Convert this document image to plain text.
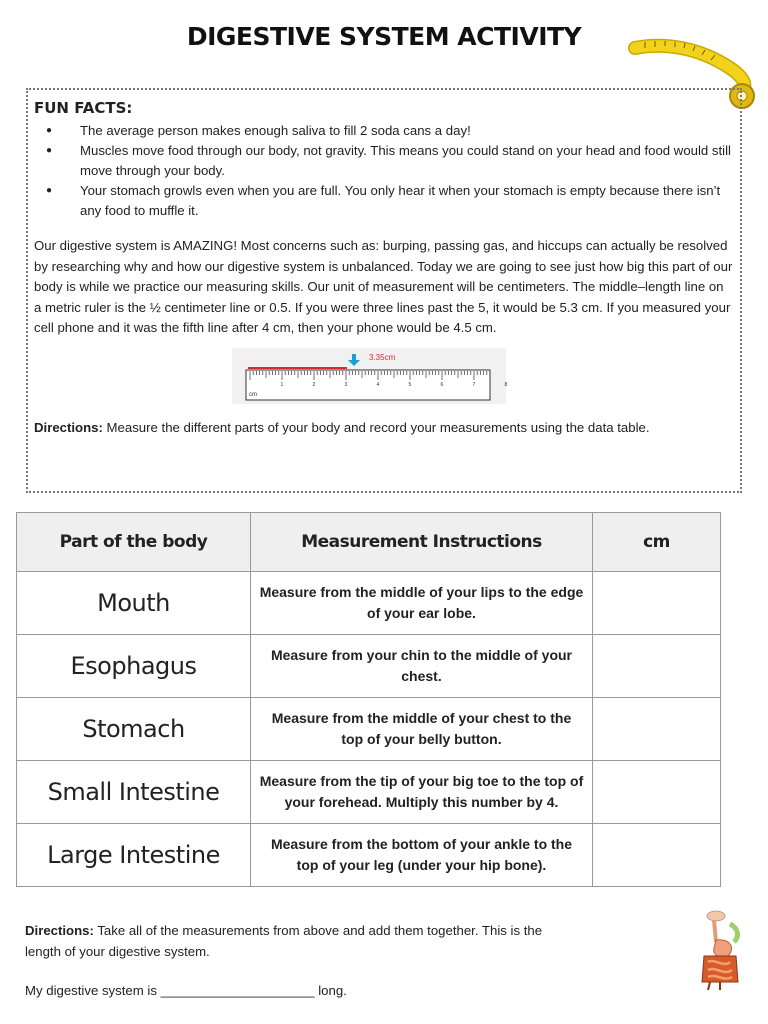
DIGESTIVE SYSTEM ACTIVITY
FUN FACTS:
● The average person makes enough saliva to fill 2 soda cans a day!
● Muscles move food through our body, not gravity. This means you could stand on your head and food would still move through your body.
● Your stomach growls even when you are full. You only hear it when your stomach is empty because there isn’t any food to muffle it.

Our digestive system is AMAZING! Most concerns such as: burping, passing gas, and hiccups can actually be resolved by researching why and how our digestive system is unbalanced. Today we are going to see just how big this part of our body is while we practice our measuring skills. Our unit of measurement will be centimeters. The middle–length line on a metric ruler is the ½ centimeter line or 0.5. If you were three lines past the 5, it would be 5.3 cm. If you measured your cell phone and it was the fifth line after 4 cm, then your phone would be 4.5 cm.

3.35cm
1	2	3	4	5	6	7	8
cm
Directions: Measure the different parts of your body and record your measurements using the data table.
Part of the body	Measurement Instructions	cm
Mouth	Measure from the middle of your lips to the edge of your ear lobe.	
Esophagus	Measure from your chin to the middle of your chest.	
Stomach	Measure from the middle of your chest to the top of your belly button.	
Small Intestine	Measure from the tip of your big toe to the top of your forehead. Multiply this number by 4.	
Large Intestine	Measure from the bottom of your ankle to the top of your leg (under your hip bone).	

Directions: Take all of the measurements from above and add them together. This is the length of your digestive system.

My digestive system is _____________________ long.
